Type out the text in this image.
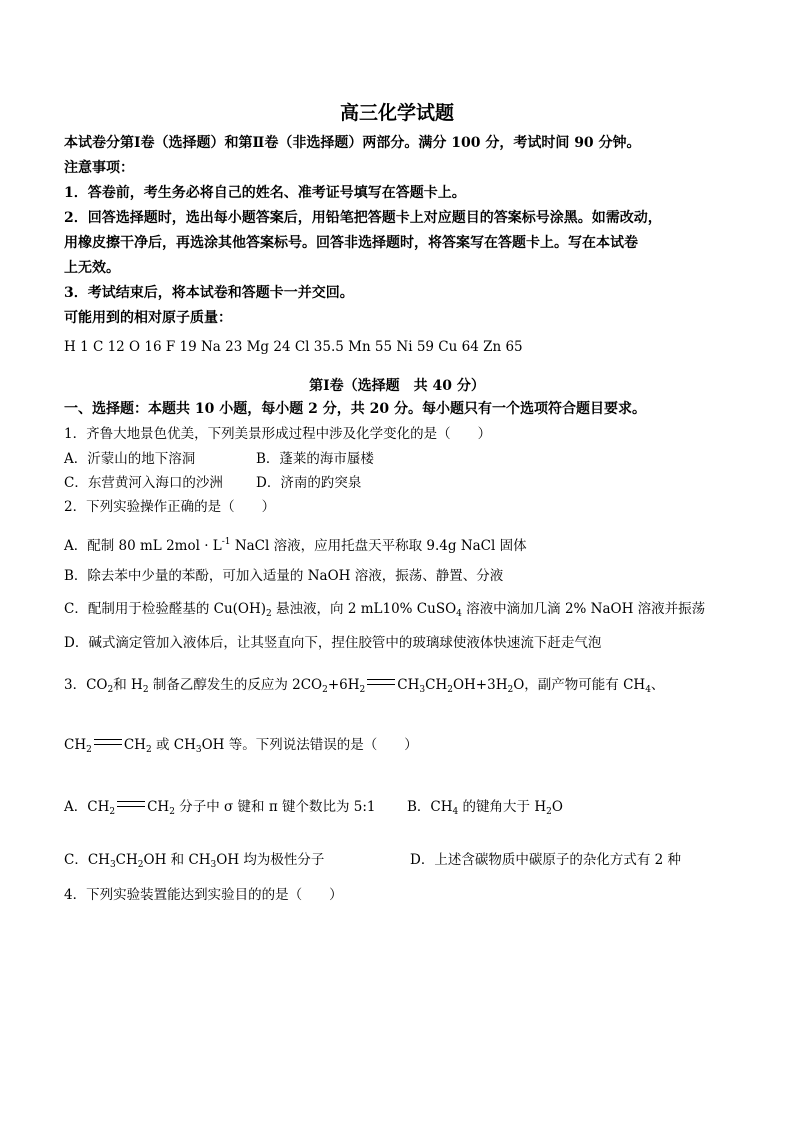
高三化学试题
本试卷分第Ⅰ卷（选择题）和第Ⅱ卷（非选择题）两部分。满分 100 分，考试时间 90 分钟。
注意事项：
1．答卷前，考生务必将自己的姓名、准考证号填写在答题卡上。
2．回答选择题时，选出每小题答案后，用铅笔把答题卡上对应题目的答案标号涂黑。如需改动，
用橡皮擦干净后，再选涂其他答案标号。回答非选择题时，将答案写在答题卡上。写在本试卷
上无效。
3．考试结束后，将本试卷和答题卡一并交回。
可能用到的相对原子质量：
H 1 C 12 O 16 F 19 Na 23 Mg 24 Cl 35.5 Mn 55 Ni 59 Cu 64 Zn 65
第Ⅰ卷（选择题　共 40 分）
一、选择题：本题共 10 小题，每小题 2 分，共 20 分。每小题只有一个选项符合题目要求。
1．齐鲁大地景色优美，下列美景形成过程中涉及化学变化的是（　　）
A．沂蒙山的地下溶洞	B．蓬莱的海市蜃楼
C．东营黄河入海口的沙洲 D．济南的趵突泉
2．下列实验操作正确的是（　　）
A．配制 80 mL $2mol \cdot L^{-1}$ NaCl 溶液，应用托盘天平称取 9.4g NaCl 固体
B．除去苯中少量的苯酚，可加入适量的 NaOH 溶液，振荡、静置、分液
C．配制用于检验醛基的 $Cu(OH)_2$ 悬浊液，向 2 mL10% CuSO$_4$ 溶液中滴加几滴 2% NaOH 溶液并振荡
D．碱式滴定管加入液体后，让其竖直向下，捏住胶管中的玻璃球使液体快速流下赶走气泡
3．$CO_2$和 $H_2$ 制备乙醇发生的反应为 $2CO_2+6H_2$ $CH_3CH_2OH+3H_2O$，副产物可能有 $CH_4$、
$CH_2$ $CH_2$ 或 $CH_3OH$ 等。下列说法错误的是（　　）
A．$CH_2$ $CH_2$ 分子中 σ 键和 π 键个数比为 5:1 B．$CH_4$ 的键角大于 $H_2O$
C．$CH_3CH_2OH$ 和 $CH_3OH$ 均为极性分子	D．上述含碳物质中碳原子的杂化方式有 2 种
4．下列实验装置能达到实验目的的是（　　）
